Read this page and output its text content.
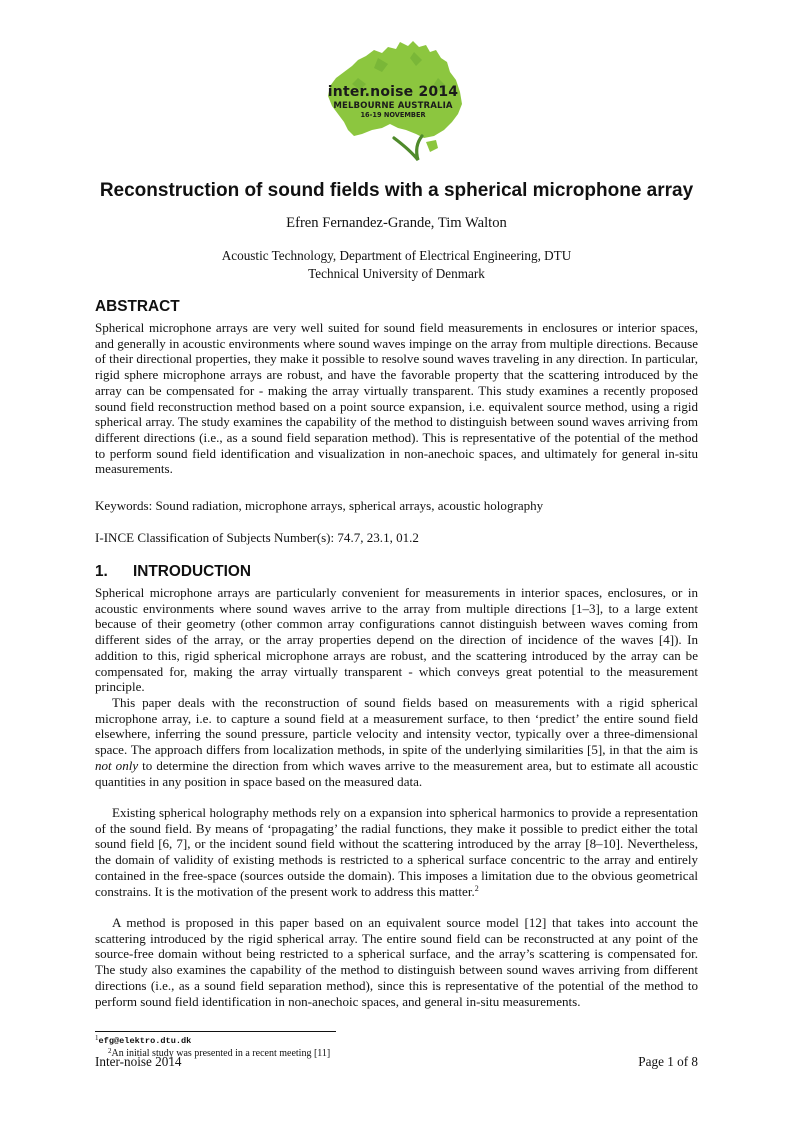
inter.noise 2014
MELBOURNE AUSTRALIA
16-19 NOVEMBER
Reconstruction of sound fields with a spherical microphone array
Efren Fernandez-Grande, Tim Walton
Acoustic Technology, Department of Electrical Engineering, DTU
Technical University of Denmark
ABSTRACT

Spherical microphone arrays are very well suited for sound field measurements in enclosures or interior spaces, and generally in acoustic environments where sound waves impinge on the array from multiple directions. Because of their directional properties, they make it possible to resolve sound waves traveling in any direction. In particular, rigid sphere microphone arrays are robust, and have the favorable property that the scattering introduced by the array can be compensated for - making the array virtually transparent. This study examines a recently proposed sound field reconstruction method based on a point source expansion, i.e. equivalent source method, using a rigid spherical array. The study examines the capability of the method to distinguish between sound waves arriving from different directions (i.e., as a sound field separation method). This is representative of the potential of the method to perform sound field identification and visualization in non-anechoic spaces, and ultimately for general in-situ measurements.

Keywords: Sound radiation, microphone arrays, spherical arrays, acoustic holography

I-INCE Classification of Subjects Number(s): 74.7, 23.1, 01.2

1. INTRODUCTION

Spherical microphone arrays are particularly convenient for measurements in interior spaces, enclosures, or in acoustic environments where sound waves arrive to the array from multiple directions [1–3], to a large extent because of their geometry (other common array configurations cannot distinguish between waves coming from different sides of the array, or the array properties depend on the direction of incidence of the waves [4]). In addition to this, rigid spherical microphone arrays are robust, and the scattering introduced by the array can be compensated for, making the array virtually transparent - which conveys great potential to the measurement principle.

This paper deals with the reconstruction of sound fields based on measurements with a rigid spherical microphone array, i.e. to capture a sound field at a measurement surface, to then ‘predict’ the entire sound field elsewhere, inferring the sound pressure, particle velocity and intensity vector, typically over a three-dimensional space. The approach differs from localization methods, in spite of the underlying similarities [5], in that the aim is not only to determine the direction from which waves arrive to the measurement area, but to estimate all acoustic quantities in any position in space based on the measured data.

Existing spherical holography methods rely on a expansion into spherical harmonics to provide a representation of the sound field. By means of ‘propagating’ the radial functions, they make it possible to predict either the total sound field [6, 7], or the incident sound field without the scattering introduced by the array [8–10]. Nevertheless, the domain of validity of existing methods is restricted to a spherical surface concentric to the array and entirely contained in the free-space (sources outside the domain). This imposes a limitation due to the obvious geometrical constrains. It is the motivation of the present work to address this matter.$^2$

A method is proposed in this paper based on an equivalent source model [12] that takes into account the scattering introduced by the rigid spherical array. The entire sound field can be reconstructed at any point of the source-free domain without being restricted to a spherical surface, and the array’s scattering is compensated for. The study also examines the capability of the method to distinguish between sound waves arriving from different directions (i.e., as a sound field separation method), since this is representative of the potential of the method to perform sound field identification in non-anechoic spaces, and general in-situ measurements.

$^1$efg@elektro.dtu.dk
$^2$An initial study was presented in a recent meeting [11]
Inter-noise 2014	Page 1 of 8
